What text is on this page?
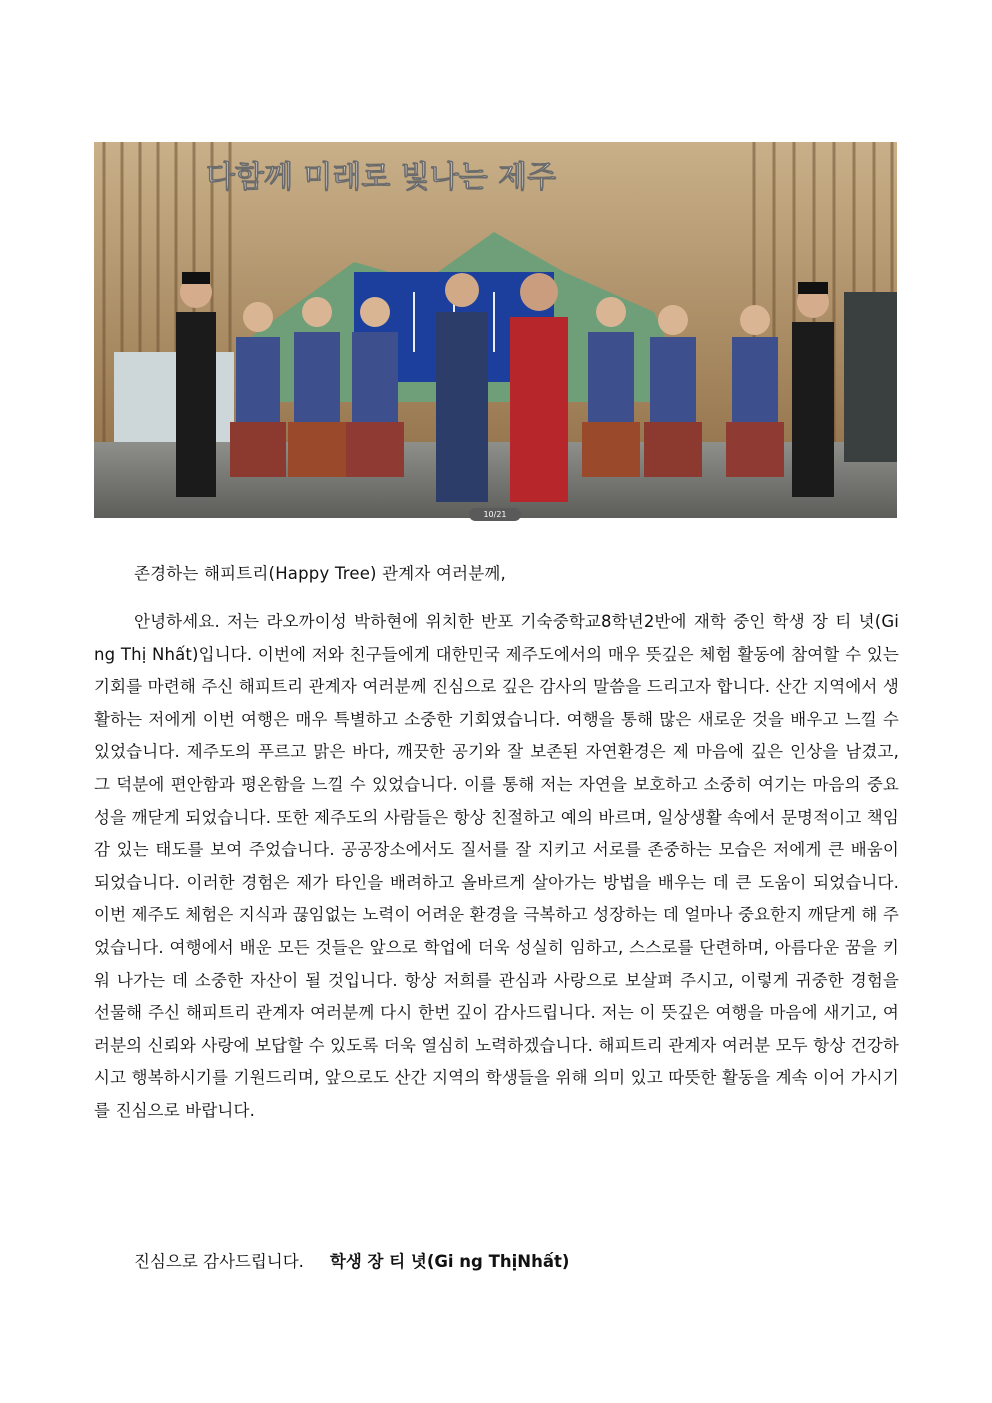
다함께 미래로 빛나는 제주
10/21
존경하는 해피트리(Happy Tree) 관계자 여러분께,
안녕하세요. 저는 라오까이성 박하현에 위치한 반포 기숙중학교8학년2반에 재학 중인 학생 장 티 녓(Gi ng Thị Nhất)입니다. 이번에 저와 친구들에게 대한민국 제주도에서의 매우 뜻깊은 체험 활동에 참여할 수 있는 기회를 마련해 주신 해피트리 관계자 여러분께 진심으로 깊은 감사의 말씀을 드리고자 합니다. 산간 지역에서 생활하는 저에게 이번 여행은 매우 특별하고 소중한 기회였습니다. 여행을 통해 많은 새로운 것을 배우고 느낄 수 있었습니다. 제주도의 푸르고 맑은 바다, 깨끗한 공기와 잘 보존된 자연환경은 제 마음에 깊은 인상을 남겼고, 그 덕분에 편안함과 평온함을 느낄 수 있었습니다. 이를 통해 저는 자연을 보호하고 소중히 여기는 마음의 중요성을 깨닫게 되었습니다. 또한 제주도의 사람들은 항상 친절하고 예의 바르며, 일상생활 속에서 문명적이고 책임감 있는 태도를 보여 주었습니다. 공공장소에서도 질서를 잘 지키고 서로를 존중하는 모습은 저에게 큰 배움이 되었습니다. 이러한 경험은 제가 타인을 배려하고 올바르게 살아가는 방법을 배우는 데 큰 도움이 되었습니다. 이번 제주도 체험은 지식과 끊임없는 노력이 어려운 환경을 극복하고 성장하는 데 얼마나 중요한지 깨닫게 해 주었습니다. 여행에서 배운 모든 것들은 앞으로 학업에 더욱 성실히 임하고, 스스로를 단련하며, 아름다운 꿈을 키워 나가는 데 소중한 자산이 될 것입니다. 항상 저희를 관심과 사랑으로 보살펴 주시고, 이렇게 귀중한 경험을 선물해 주신 해피트리 관계자 여러분께 다시 한번 깊이 감사드립니다. 저는 이 뜻깊은 여행을 마음에 새기고, 여러분의 신뢰와 사랑에 보답할 수 있도록 더욱 열심히 노력하겠습니다. 해피트리 관계자 여러분 모두 항상 건강하시고 행복하시기를 기원드리며, 앞으로도 산간 지역의 학생들을 위해 의미 있고 따뜻한 활동을 계속 이어 가시기를 진심으로 바랍니다.
진심으로 감사드립니다. 학생 장 티 녓(Gi ng ThịNhất)
